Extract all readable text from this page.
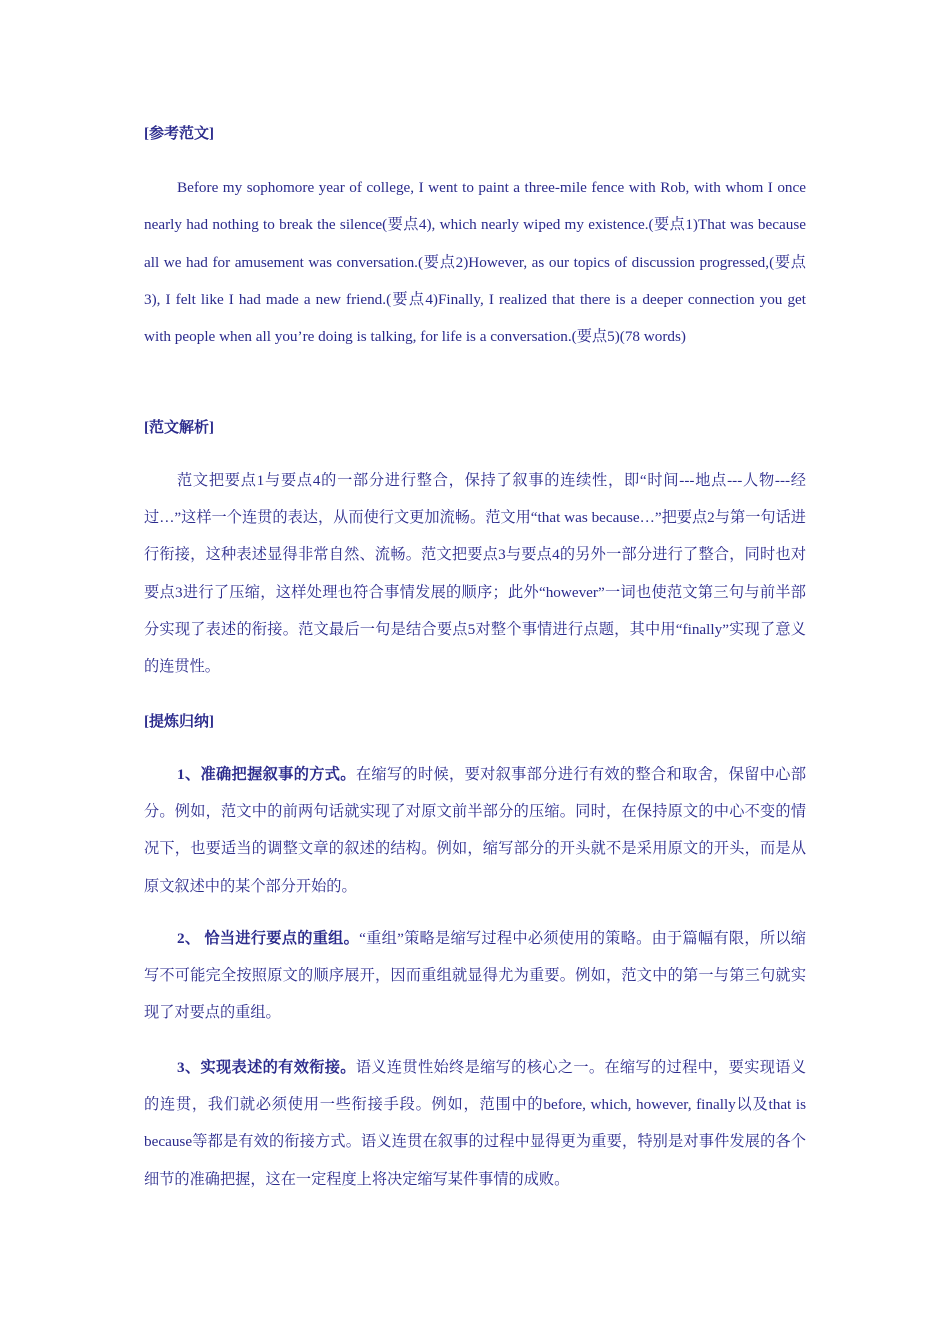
[参考范文]

Before my sophomore year of college, I went to paint a three-mile fence with Rob, with whom I once nearly had nothing to break the silence(要点4), which nearly wiped my existence.(要点1)That was because all we had for amusement was conversation.(要点2)However, as our topics of discussion progressed,(要点3), I felt like I had made a new friend.(要点4)Finally, I realized that there is a deeper connection you get with people when all you’re doing is talking, for life is a conversation.(要点5)(78 words)

[范文解析]

范文把要点1与要点4的一部分进行整合，保持了叙事的连续性，即“时间---地点---人物---经过…”这样一个连贯的表达，从而使行文更加流畅。范文用“that was because…”把要点2与第一句话进行衔接，这种表述显得非常自然、流畅。范文把要点3与要点4的另外一部分进行了整合，同时也对要点3进行了压缩，这样处理也符合事情发展的顺序；此外“however”一词也使范文第三句与前半部分实现了表述的衔接。范文最后一句是结合要点5对整个事情进行点题，其中用“finally”实现了意义的连贯性。

[提炼归纳]

1、准确把握叙事的方式。在缩写的时候，要对叙事部分进行有效的整合和取舍，保留中心部分。例如，范文中的前两句话就实现了对原文前半部分的压缩。同时，在保持原文的中心不变的情况下，也要适当的调整文章的叙述的结构。例如，缩写部分的开头就不是采用原文的开头，而是从原文叙述中的某个部分开始的。

2、 恰当进行要点的重组。“重组”策略是缩写过程中必须使用的策略。由于篇幅有限，所以缩写不可能完全按照原文的顺序展开，因而重组就显得尤为重要。例如，范文中的第一与第三句就实现了对要点的重组。

3、实现表述的有效衔接。语义连贯性始终是缩写的核心之一。在缩写的过程中，要实现语义的连贯，我们就必须使用一些衔接手段。例如，范围中的before, which, however, finally以及that is because等都是有效的衔接方式。语义连贯在叙事的过程中显得更为重要，特别是对事件发展的各个细节的准确把握，这在一定程度上将决定缩写某件事情的成败。
